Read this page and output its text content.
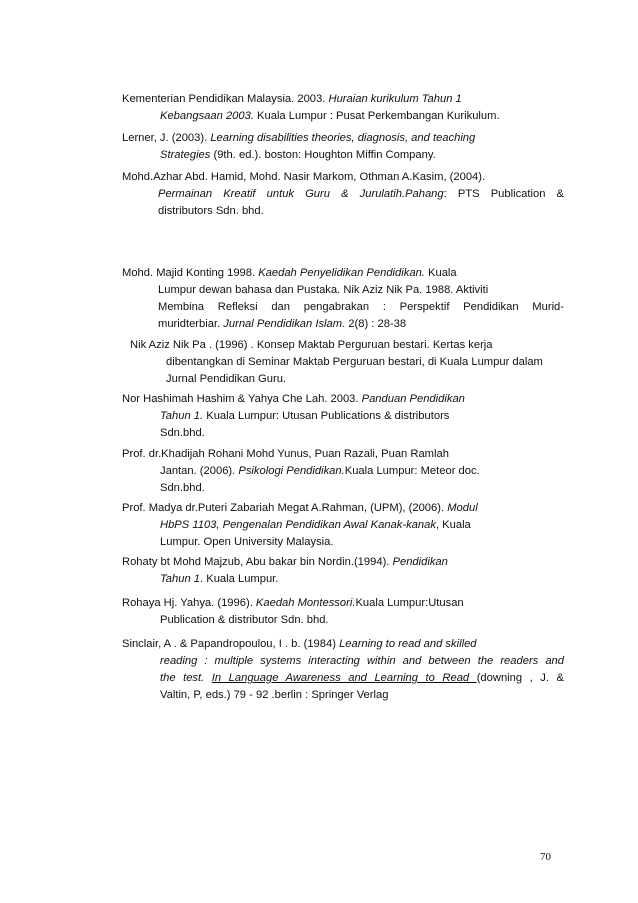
Kementerian Pendidikan Malaysia. 2003. Huraian kurikulum Tahun 1
Kebangsaan 2003. Kuala Lumpur : Pusat Perkembangan Kurikulum.

Lerner, J. (2003). Learning disabilities theories, diagnosis, and teaching
Strategies (9th. ed.). boston: Houghton Miffin Company.

Mohd.Azhar Abd. Hamid, Mohd. Nasir Markom, Othman A.Kasim, (2004).
Permainan Kreatif untuk Guru & Jurulatih.Pahang: PTS Publication &
distributors Sdn. bhd.

Mohd. Majid Konting 1998. Kaedah Penyelidikan Pendidikan. Kuala
Lumpur dewan bahasa dan Pustaka. Nik Aziz Nik Pa. 1988. Aktiviti
Membina Refleksi dan pengabrakan : Perspektif Pendidikan Murid-
muridterbiar. Jurnal Pendidikan Islam. 2(8) : 28-38

Nik Aziz Nik Pa . (1996) . Konsep Maktab Perguruan bestari. Kertas kerja
dibentangkan di Seminar Maktab Perguruan bestari, di Kuala Lumpur dalam
Jurnal Pendidikan Guru.

Nor Hashimah Hashim & Yahya Che Lah. 2003. Panduan Pendidikan
Tahun 1. Kuala Lumpur: Utusan Publications & distributors
Sdn.bhd.

Prof. dr.Khadijah Rohani Mohd Yunus, Puan Razali, Puan Ramlah
Jantan. (2006). Psikologi Pendidikan.Kuala Lumpur: Meteor doc.
Sdn.bhd.

Prof. Madya dr.Puteri Zabariah Megat A.Rahman, (UPM), (2006). Modul
HbPS 1103, Pengenalan Pendidikan Awal Kanak-kanak, Kuala
Lumpur. Open University Malaysia.

Rohaty bt Mohd Majzub, Abu bakar bin Nordin.(1994). Pendidikan
Tahun 1. Kuala Lumpur.

Rohaya Hj. Yahya. (1996). Kaedah Montessori.Kuala Lumpur:Utusan
Publication & distributor Sdn. bhd.

Sinclair, A . & Papandropoulou, I . b. (1984) Learning to read and skilled
reading : multiple systems interacting within and between the readers and
the test. In Language Awareness and Learning to Read (downing , J. &
Valtin, P, eds.) 79 - 92 .berlin : Springer Verlag

70
